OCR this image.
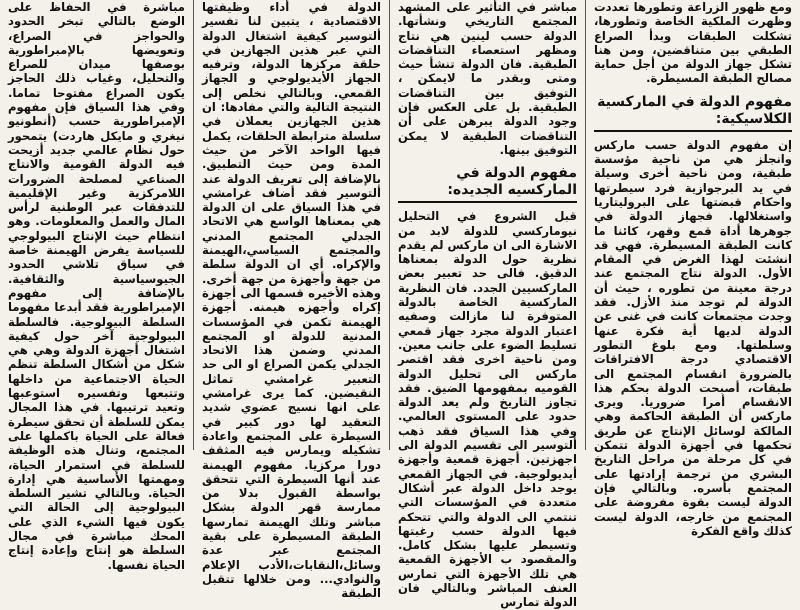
ومع ظهور الزراعة وتطورها تعددت وظهرت الملكية الخاصة وتطورها، تشكلت الطبقات وبدأ الصراع الطبقي بين متناقضين، ومن هنا تشكل جهاز الدولة من أجل حماية مصالح الطبقة المسيطرة.

مفهوم الدولة في الماركسية الكلاسيكية:

إن مفهوم الدولة حسب ماركس وانجلز هي من ناحية مؤسسة طبقية، ومن ناحية أخرى وسيلة في يد البرجوازية فرد سيطرتها واحكام قبضتها على البروليتاريا واستغلالها. فجهاز الدولة في جوهرها أداة قمع وقهر، كائنا ما كانت الطبقة المسيطرة. فهي قد انشئت لهذا الغرض في المقام الأول. الدولة نتاج المجتمع عند درجة معينة من تطوره ، حيث أن الدولة لم توجد منذ الأزل. فقد وجدت مجتمعات كانت في غنى عن الدولة لديها أية فكرة عنها وسلطتها. ومع بلوغ التطور الاقتصادي درجة الافتراقات بالضرورة انقسام المجتمع الى طبقات، أصبحت الدولة بحكم هذا الانقسام أمرا ضروريا. ويرى ماركس أن الطبقة الحاكمة وهي المالكة لوسائل الإنتاج عن طريق تحكمها في أجهزة الدولة تتمكن في كل مرحلة من مراحل التاريخ البشري من ترجمة إرادتها على المجتمع بأسره. وبالتالي فإن الدولة ليست بقوة مفروضة على المجتمع من خارجه، الدولة ليست كذلك واقع الفكرة

مباشر في التأثير على المشهد المجتمع التاريخي ونشأتها. الدولة حسب لينين هي نتاج ومظهر استعصاء التناقضات الطبقية. فان الدولة تنشأ حيث ومتى وبقدر ما لايمكن ، التوفيق بين التناقضات الطبقية. بل على العكس فإن وجود الدولة يبرهن على أن التناقضات الطبقية لا يمكن التوفيق بينها.

مفهوم الدولة في الماركسيه الجديده:

قبل الشروع في التحليل نيوماركسي للدولة لابد من الاشارة الى ان ماركس لم يقدم نظرية حول الدولة بمعناها الدقيق. فالى حد تعبير بعض الماركسيين الجدد. فان النظرية الماركسية الخاصة بالدولة المتوفرة لنا مازالت وصفيه اعتبار الدولة مجرد جهاز قمعي تسليط الضوء على جانب معين. ومن ناحية اخرى فقد اقتصر ماركس الى تحليل الدولة القوميه بمفهومها الضيق. فقد تجاوز التاريخ ولم يعد الدولة حدود على المستوى العالمي. وفي هذا السياق فقد ذهب ألتوسير الى تقسيم الدولة الى اجهزتين. أجهزة قمعية وأجهزة أيديولوجية. في الجهاز القمعي يوجد داخل الدولة عبر أشكال متعددة في المؤسسات التي تنتمي الى الدولة والتي تتحكم فيها الدولة حسب رغبتها وتسيطر عليها بشكل كامل. والمقصود ب الأجهزة القمعية هي تلك الأجهزة التي تمارس العنف المباشر وبالتالي فان الدولة تمارس

الدولة في أداء وظيفتها الاقتصادية ، يتبين لنا تفسير ألتوسير كيفية اشتغال الدولة التي عبر هذين الجهازين في حلقة مركزها الدولة، وترفيه الجهاز الأيديولوجي و الجهاز القمعي. وبالتالي نخلص إلى النتيجة التالية والتي مفادها: ان هذين الجهازين يعملان في سلسلة مترابطة الحلقات، يكمل فيها الواحد الآخر من حيث المدة ومن حيث التطبيق. بالإضافة إلى تعريف الدولة عند ألتوسير فقد أضاف غرامشي في هذا السياق على ان الدولة هي بمعناها الواسع هي الاتحاد الجدلي المجتمع المدني والمجتمع السياسي،الهيمنة والإكراه. أي ان الدولة سلطة من جهة وأجهزة من جهة أخرى. وهذه الأخيره قسمها الى أجهزة إكراه وأجهزه هيمنه. أجهزة الهيمنة تكمن في المؤسسات المدنية للدولة او المجتمع المدني وضمن هذا الاتحاد الجدلي يكمن الصراع او الى حد التعبير غرامشي تماثل النقيضين. كما يرى غرامشي على انها نسيج عضوي شديد التعقيد لها دور كبير في السيطرة على المجتمع واعادة تشكيله ويمارس فيه المثقف دورا مركزيا. مفهوم الهيمنة عند أنها السيطرة التي تتحقق بواسطة القبول بدلا من ممارسة قهر الدولة بشكل مباشر وتلك الهيمنة تمارسها الطبقة المسيطرة على بقية المجتمع عبر عدة وسائل،النقابات،الأدب الإعلام والنوادي... ومن خلالها تتقبل الطبقة

مباشرة في الحفاظ على الوضع بالتالي تبخر الحدود والحواجز في الصراع، وتعويضها بالإمبراطورية بوصفها ميدان للصراع والتحليل، وغياب ذلك الحاجز يكون الصراع مفتوحا تماما. وفي هذا السياق فإن مفهوم الإمبراطورية حسب (أنطونيو نيغري و مايكل هاردت) يتمحور حول نظام عالمي جديد أزيحت فيه الدولة القومية والانتاج الصناعي لمصلحة الضرورات اللامركزية وغير الإقليمية للتدفقات عبر الوطنية لرأس المال والعمل والمعلومات. وهو انتظام حيث الإنتاج البيولوجي للسياسة يفرض الهيمنة خاصة في سياق تلاشي الحدود الجيوسياسية والثقافية. بالإضافة إلى مفهوم الإمبراطورية فقد أبدعا مفهوما السلطة البيولوجية. فالسلطة البيولوجية آخر حول كيفية اشتغال أجهزة الدولة وهي هي شكل من أشكال السلطة تنظم الحياة الاجتماعية من داخلها وتتبعها وتفسيره استوعبها وتعيد ترتيبها. في هذا المجال يمكن للسلطة أن تحقق سيطرة فعالة على الحياة باكملها على المجتمع، وتنال هذه الوظيفة للسلطة في استمرار الحياة، ومهمتها الأساسية هي إدارة الحياة. وبالتالي تشير السلطة البيولوجية إلى الحالة التي يكون فيها الشيء الذي على المحك مباشرة في مجال السلطة هو إنتاج وإعادة إنتاج الحياة نفسها.
